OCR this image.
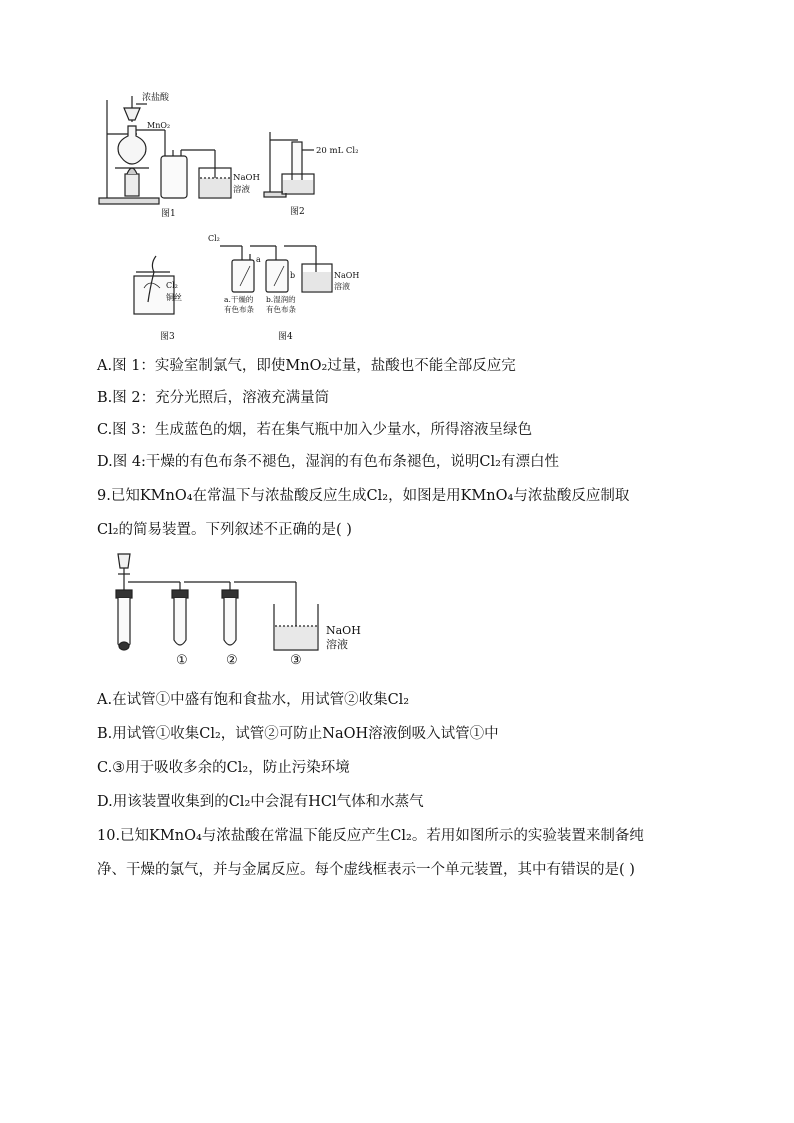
浓盐酸
MnO₂
NaOH
溶液
图1
20 mL Cl₂
图2
Cl₂
铜丝
图3
Cl₂
a
b	NaOH
溶液
a.干燥的
有色布条
b.湿润的
有色布条
图4
A.图 1：实验室制氯气，即使MnO₂过量，盐酸也不能全部反应完
B.图 2：充分光照后，溶液充满量筒
C.图 3：生成蓝色的烟，若在集气瓶中加入少量水，所得溶液呈绿色
D.图 4:干燥的有色布条不褪色，湿润的有色布条褪色，说明Cl₂有漂白性
9.已知KMnO₄在常温下与浓盐酸反应生成Cl₂，如图是用KMnO₄与浓盐酸反应制取
Cl₂的简易装置。下列叙述不正确的是( )
①	②	③
NaOH
溶液
A.在试管①中盛有饱和食盐水，用试管②收集Cl₂
B.用试管①收集Cl₂，试管②可防止NaOH溶液倒吸入试管①中
C.③用于吸收多余的Cl₂，防止污染环境
D.用该装置收集到的Cl₂中会混有HCl气体和水蒸气
10.已知KMnO₄与浓盐酸在常温下能反应产生Cl₂。若用如图所示的实验装置来制备纯
净、干燥的氯气，并与金属反应。每个虚线框表示一个单元装置，其中有错误的是( )
